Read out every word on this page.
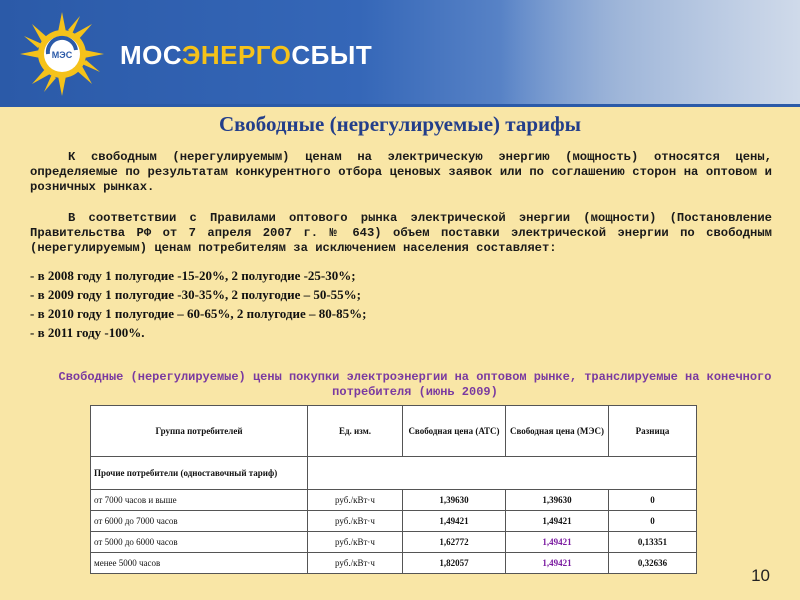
МЭС МОСЭНЕРГОСБЫТ
Свободные (нерегулируемые) тарифы
К свободным (нерегулируемым) ценам на электрическую энергию (мощность) относятся цены, определяемые по результатам конкурентного отбора ценовых заявок или по соглашению сторон на оптовом и розничных рынках.
В соответствии с Правилами оптового рынка электрической энергии (мощности) (Постановление Правительства РФ от 7 апреля 2007 г. № 643) объем поставки электрической энергии по свободным (нерегулируемым) ценам потребителям за исключением населения составляет:
- в 2008 году 1 полугодие -15-20%, 2 полугодие -25-30%;
- в 2009 году 1 полугодие -30-35%, 2 полугодие – 50-55%;
- в 2010 году 1 полугодие – 60-65%, 2 полугодие – 80-85%;
- в 2011 году -100%.
Свободные (нерегулируемые) цены покупки электроэнергии на оптовом рынке, транслируемые на конечного потребителя (июнь 2009)
Группа потребителей	Ед. изм.	Свободная цена (АТС)	Свободная цена (МЭС)	Разница
Прочие потребители (одноставочный тариф)				
от 7000 часов и выше	руб./кВт·ч	1,39630	1,39630	0
от 6000 до 7000 часов	руб./кВт·ч	1,49421	1,49421	0
от 5000 до 6000 часов	руб./кВт·ч	1,62772	1,49421	0,13351
менее 5000 часов	руб./кВт·ч	1,82057	1,49421	0,32636
10
